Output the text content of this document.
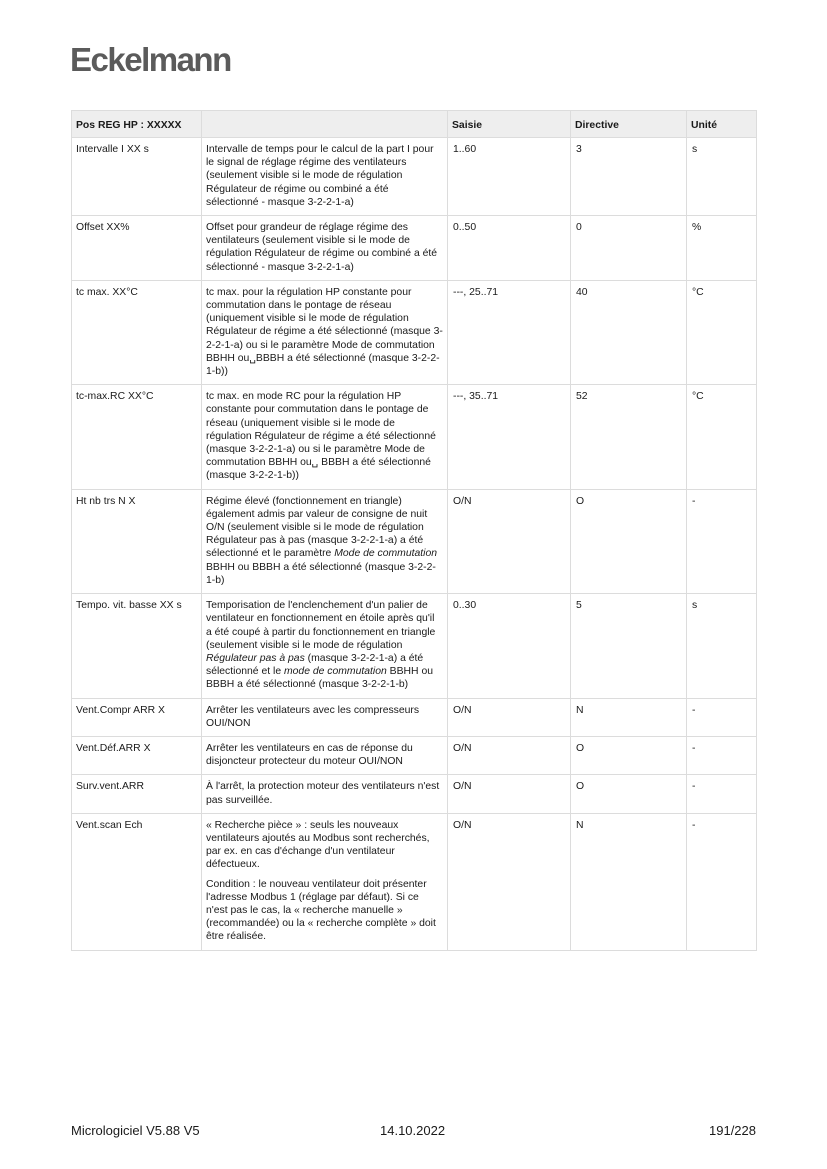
Eckelmann
Pos REG HP : XXXXX		Saisie	Directive	Unité
Intervalle I XX s	Intervalle de temps pour le calcul de la part I pour le signal de réglage régime des ventilateurs (seulement visible si le mode de régulation Régulateur de régime ou combiné a été sélectionné - masque 3-2-2-1-a)	1..60	3	s
Offset XX%	Offset pour grandeur de réglage régime des ventilateurs (seulement visible si le mode de régulation Régulateur de régime ou combiné a été sélectionné - masque 3-2-2-1-a)	0..50	0	%
tc max. XX°C	tc max. pour la régulation HP constante pour commutation dans le pontage de réseau (uniquement visible si le mode de régulation Régulateur de régime a été sélectionné (masque 3-2-2-1-a) ou si le paramètre Mode de commutation BBHH ou␣BBBH a été sélectionné (masque 3-2-2-1-b))	---, 25..71	40	°C
tc-max.RC XX°C	tc max. en mode RC pour la régulation HP constante pour commutation dans le pontage de réseau (uniquement visible si le mode de régulation Régulateur de régime a été sélectionné (masque 3-2-2-1-a) ou si le paramètre Mode de commutation BBHH ou␣ BBBH a été sélectionné (masque 3-2-2-1-b))	---, 35..71	52	°C
Ht nb trs N X	Régime élevé (fonctionnement en triangle) également admis par valeur de consigne de nuit O/N (seulement visible si le mode de régulation Régulateur pas à pas (masque 3-2-2-1-a) a été sélectionné et le paramètre Mode de commutation BBHH ou BBBH a été sélectionné (masque 3-2-2-1-b)	O/N	O	-
Tempo. vit. basse XX s	Temporisation de l'enclenchement d'un palier de ventilateur en fonctionnement en étoile après qu'il a été coupé à partir du fonctionnement en triangle (seulement visible si le mode de régulation Régulateur pas à pas (masque 3-2-2-1-a) a été sélectionné et le mode de commutation BBHH ou BBBH a été sélectionné (masque 3-2-2-1-b)	0..30	5	s
Vent.Compr ARR X	Arrêter les ventilateurs avec les compresseurs OUI/NON	O/N	N	-
Vent.Déf.ARR X	Arrêter les ventilateurs en cas de réponse du disjoncteur protecteur du moteur OUI/NON	O/N	O	-
Surv.vent.ARR	À l'arrêt, la protection moteur des ventilateurs n'est pas surveillée.	O/N	O	-
Vent.scan Ech	« Recherche pièce » : seuls les nouveaux ventilateurs ajoutés au Modbus sont recherchés, par ex. en cas d'échange d'un ventilateur défectueux.
Condition : le nouveau ventilateur doit présenter l'adresse Modbus 1 (réglage par défaut). Si ce n'est pas le cas, la « recherche manuelle » (recommandée) ou la « recherche complète » doit être réalisée.	O/N	N	-
Micrologiciel V5.88 V5	14.10.2022	191/228
